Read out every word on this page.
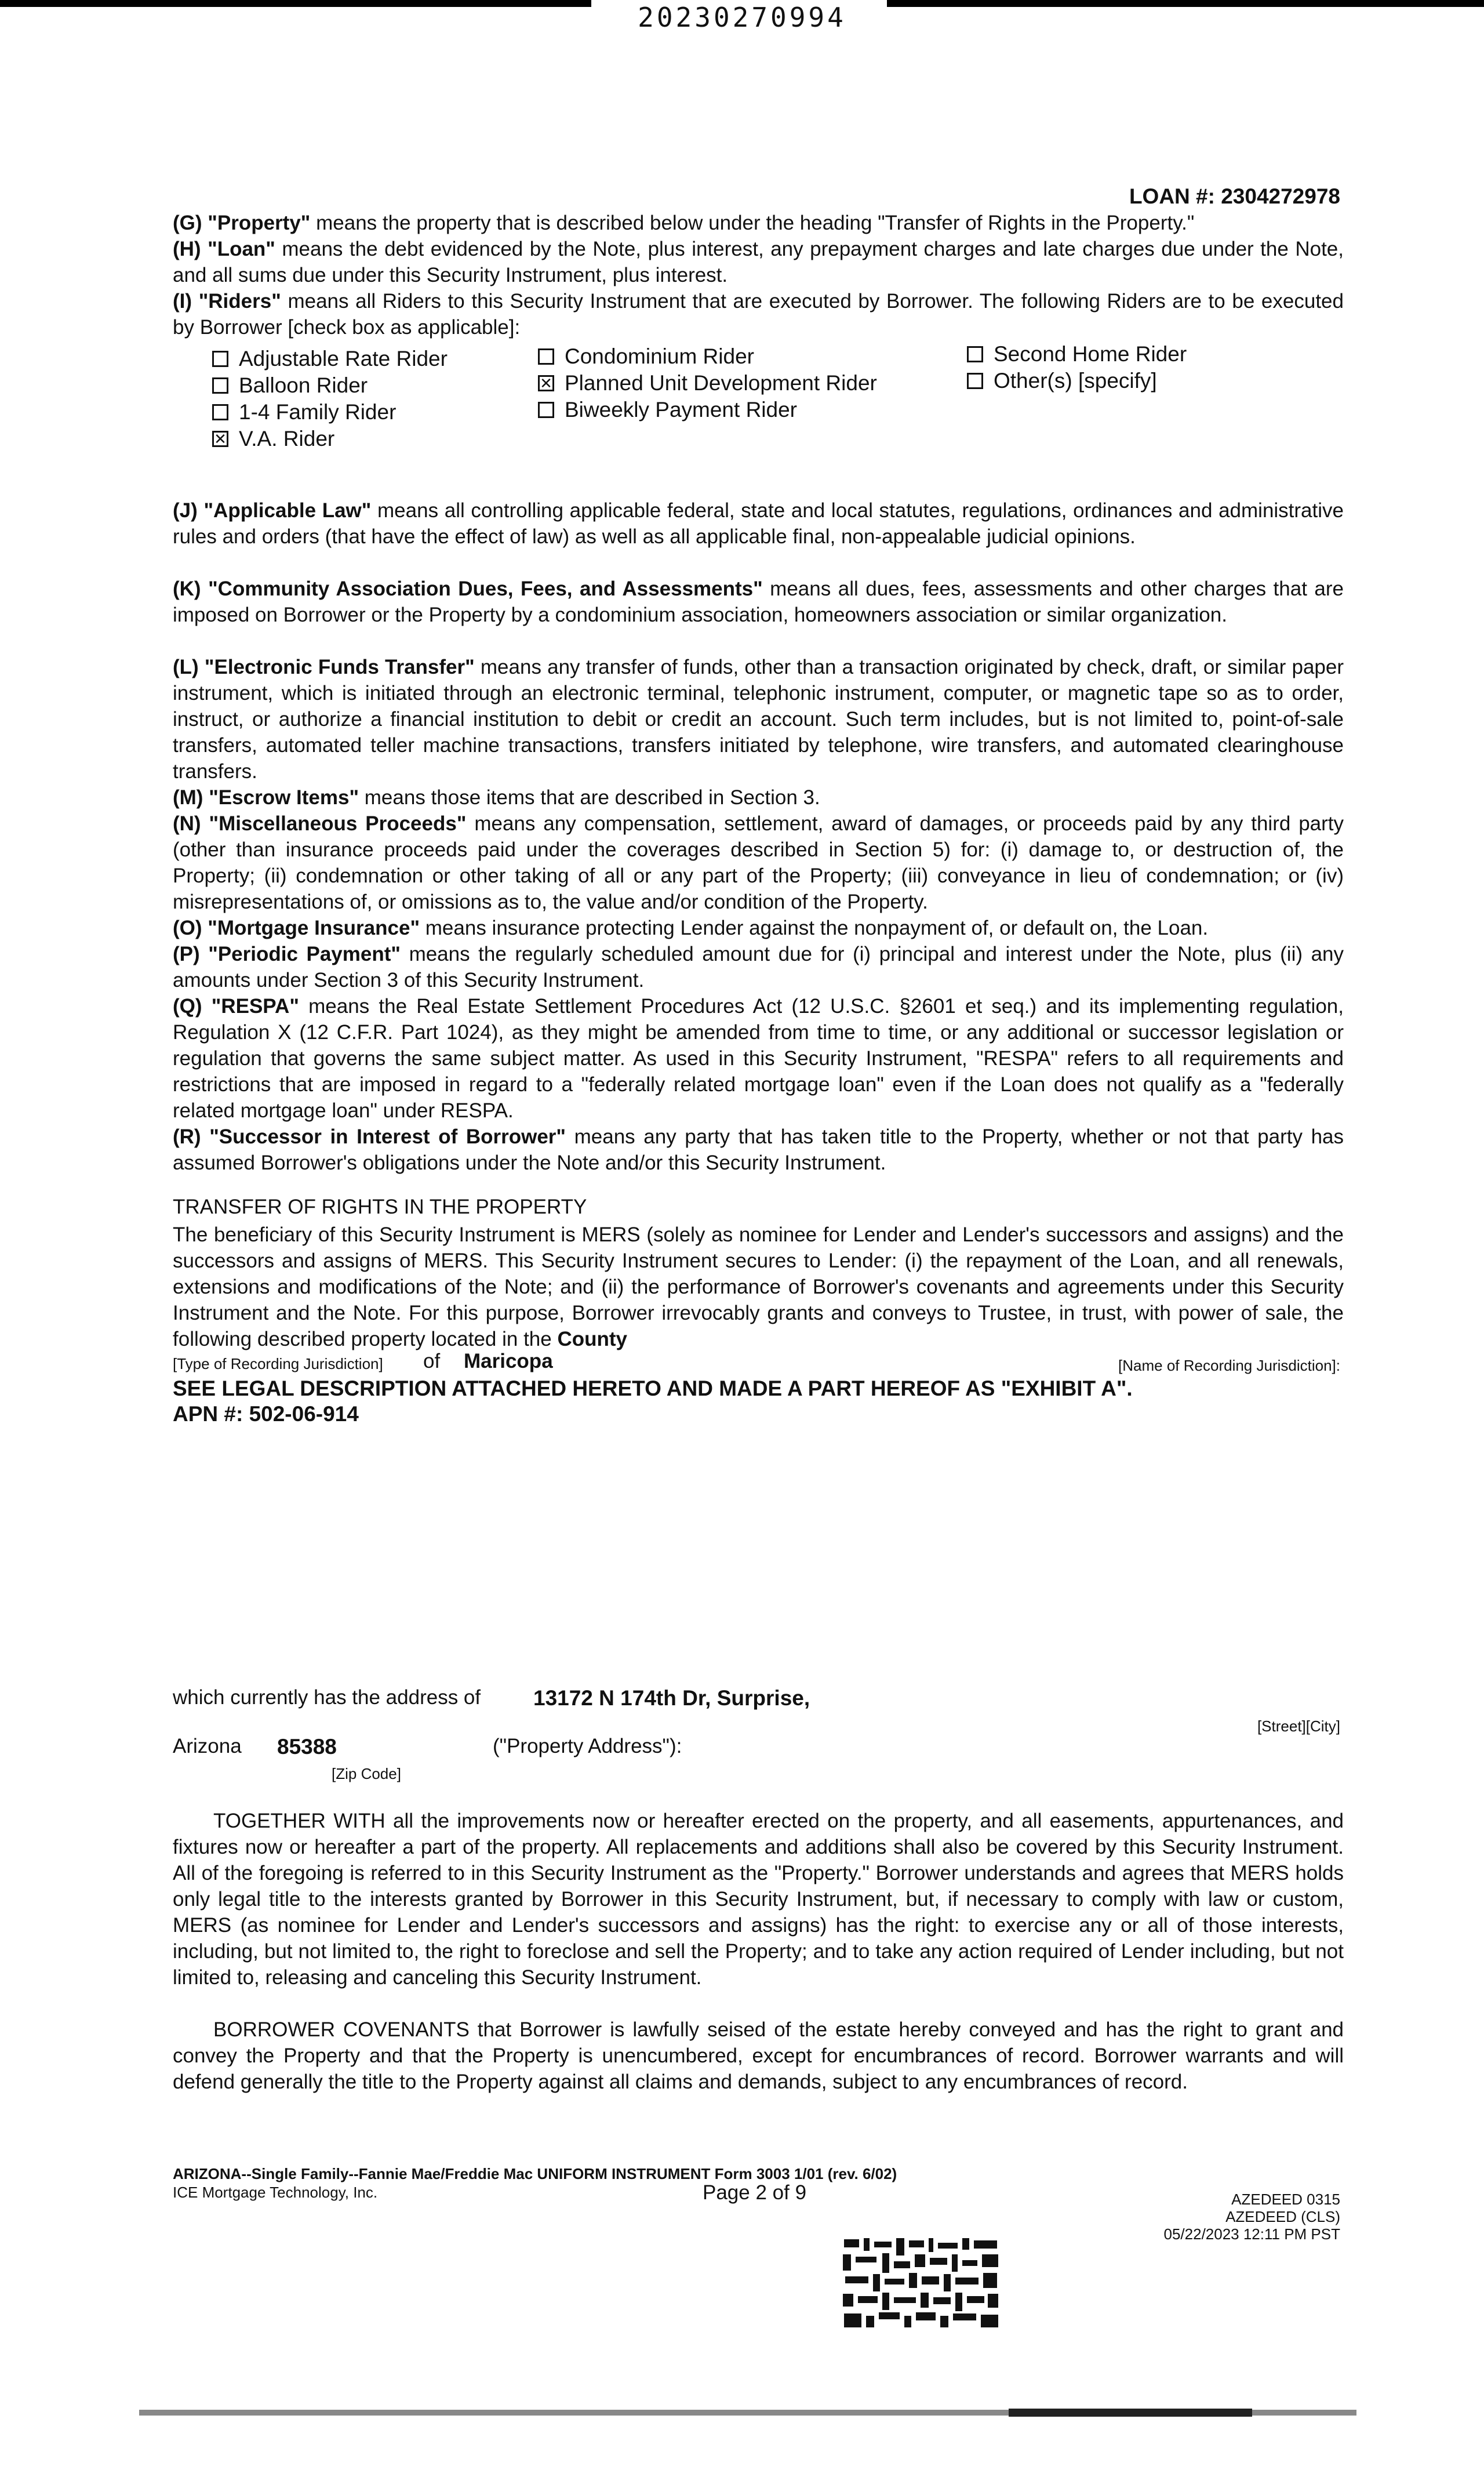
20230270994
LOAN #: 2304272978
(G) "Property" means the property that is described below under the heading "Transfer of Rights in the Property."
(H) "Loan" means the debt evidenced by the Note, plus interest, any prepayment charges and late charges due under the Note, and all sums due under this Security Instrument, plus interest.
(I) "Riders" means all Riders to this Security Instrument that are executed by Borrower. The following Riders are to be executed by Borrower [check box as applicable]:
Adjustable Rate Rider
Balloon Rider
1-4 Family Rider
✕ V.A. Rider
Condominium Rider
✕ Planned Unit Development Rider
Biweekly Payment Rider
Second Home Rider
Other(s) [specify]
(J) "Applicable Law" means all controlling applicable federal, state and local statutes, regulations, ordinances and administrative rules and orders (that have the effect of law) as well as all applicable final, non-appealable judicial opinions.
(K) "Community Association Dues, Fees, and Assessments" means all dues, fees, assessments and other charges that are imposed on Borrower or the Property by a condominium association, homeowners association or similar organization.
(L) "Electronic Funds Transfer" means any transfer of funds, other than a transaction originated by check, draft, or similar paper instrument, which is initiated through an electronic terminal, telephonic instrument, computer, or magnetic tape so as to order, instruct, or authorize a financial institution to debit or credit an account. Such term includes, but is not limited to, point-of-sale transfers, automated teller machine transactions, transfers initiated by telephone, wire transfers, and automated clearinghouse transfers.
(M) "Escrow Items" means those items that are described in Section 3.
(N) "Miscellaneous Proceeds" means any compensation, settlement, award of damages, or proceeds paid by any third party (other than insurance proceeds paid under the coverages described in Section 5) for: (i) damage to, or destruction of, the Property; (ii) condemnation or other taking of all or any part of the Property; (iii) conveyance in lieu of condemnation; or (iv) misrepresentations of, or omissions as to, the value and/or condition of the Property.
(O) "Mortgage Insurance" means insurance protecting Lender against the nonpayment of, or default on, the Loan.
(P) "Periodic Payment" means the regularly scheduled amount due for (i) principal and interest under the Note, plus (ii) any amounts under Section 3 of this Security Instrument.
(Q) "RESPA" means the Real Estate Settlement Procedures Act (12 U.S.C. §2601 et seq.) and its implementing regulation, Regulation X (12 C.F.R. Part 1024), as they might be amended from time to time, or any additional or successor legislation or regulation that governs the same subject matter. As used in this Security Instrument, "RESPA" refers to all requirements and restrictions that are imposed in regard to a "federally related mortgage loan" even if the Loan does not qualify as a "federally related mortgage loan" under RESPA.
(R) "Successor in Interest of Borrower" means any party that has taken title to the Property, whether or not that party has assumed Borrower's obligations under the Note and/or this Security Instrument.
TRANSFER OF RIGHTS IN THE PROPERTY
The beneficiary of this Security Instrument is MERS (solely as nominee for Lender and Lender's successors and assigns) and the successors and assigns of MERS. This Security Instrument secures to Lender: (i) the repayment of the Loan, and all renewals, extensions and modifications of the Note; and (ii) the performance of Borrower's covenants and agreements under this Security Instrument and the Note. For this purpose, Borrower irrevocably grants and conveys to Trustee, in trust, with power of sale, the following described property located in the County
[Type of Recording Jurisdiction] of Maricopa	[Name of Recording Jurisdiction]:
SEE LEGAL DESCRIPTION ATTACHED HERETO AND MADE A PART HEREOF AS "EXHIBIT A".
APN #: 502-06-914
which currently has the address of 13172 N 174th Dr, Surprise,
[Street][City]
Arizona 85388
[Zip Code]
("Property Address"):
TOGETHER WITH all the improvements now or hereafter erected on the property, and all easements, appurtenances, and fixtures now or hereafter a part of the property. All replacements and additions shall also be covered by this Security Instrument. All of the foregoing is referred to in this Security Instrument as the "Property." Borrower understands and agrees that MERS holds only legal title to the interests granted by Borrower in this Security Instrument, but, if necessary to comply with law or custom, MERS (as nominee for Lender and Lender's successors and assigns) has the right: to exercise any or all of those interests, including, but not limited to, the right to foreclose and sell the Property; and to take any action required of Lender including, but not limited to, releasing and canceling this Security Instrument.
BORROWER COVENANTS that Borrower is lawfully seised of the estate hereby conveyed and has the right to grant and convey the Property and that the Property is unencumbered, except for encumbrances of record. Borrower warrants and will defend generally the title to the Property against all claims and demands, subject to any encumbrances of record.
ARIZONA--Single Family--Fannie Mae/Freddie Mac UNIFORM INSTRUMENT Form 3003 1/01 (rev. 6/02)
ICE Mortgage Technology, Inc.	Page 2 of 9	AZEDEED 0315
AZEDEED (CLS)
05/22/2023 12:11 PM PST
